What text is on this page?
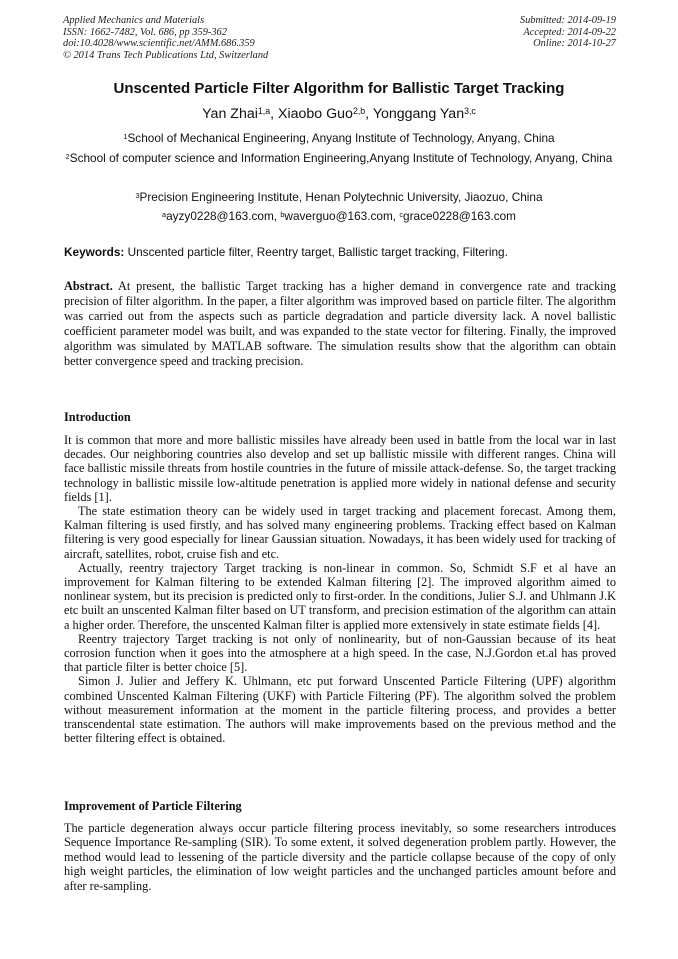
Applied Mechanics and Materials
ISSN: 1662-7482, Vol. 686, pp 359-362
doi:10.4028/www.scientific.net/AMM.686.359
© 2014 Trans Tech Publications Ltd, Switzerland
Submitted: 2014-09-19
Accepted: 2014-09-22
Online: 2014-10-27
Unscented Particle Filter Algorithm for Ballistic Target Tracking
Yan Zhai$^{1,a}$, Xiaobo Guo$^{2,b}$, Yonggang Yan$^{3,c}$
$^1$School of Mechanical Engineering, Anyang Institute of Technology, Anyang, China
$^2$School of computer science and Information Engineering,Anyang Institute of Technology, Anyang, China
$^3$Precision Engineering Institute, Henan Polytechnic University, Jiaozuo, China
$^a$ayzy0228@163.com, $^b$waverguo@163.com, $^c$grace0228@163.com
Keywords: Unscented particle filter, Reentry target, Ballistic target tracking, Filtering.

Abstract. At present, the ballistic Target tracking has a higher demand in convergence rate and tracking precision of filter algorithm. In the paper, a filter algorithm was improved based on particle filter. The algorithm was carried out from the aspects such as particle degradation and particle diversity lack. A novel ballistic coefficient parameter model was built, and was expanded to the state vector for filtering. Finally, the improved algorithm was simulated by MATLAB software. The simulation results show that the algorithm can obtain better convergence speed and tracking precision.

Introduction

It is common that more and more ballistic missiles have already been used in battle from the local war in last decades. Our neighboring countries also develop and set up ballistic missile with different ranges. China will face ballistic missile threats from hostile countries in the future of missile attack-defense. So, the target tracking technology in ballistic missile low-altitude penetration is applied more widely in national defense and security fields [1].

The state estimation theory can be widely used in target tracking and placement forecast. Among them, Kalman filtering is used firstly, and has solved many engineering problems. Tracking effect based on Kalman filtering is very good especially for linear Gaussian situation. Nowadays, it has been widely used for tracking of aircraft, satellites, robot, cruise fish and etc.

Actually, reentry trajectory Target tracking is non-linear in common. So, Schmidt S.F et al have an improvement for Kalman filtering to be extended Kalman filtering [2]. The improved algorithm aimed to nonlinear system, but its precision is predicted only to first-order. In the conditions, Julier S.J. and Uhlmann J.K etc built an unscented Kalman filter based on UT transform, and precision estimation of the algorithm can attain a higher order. Therefore, the unscented Kalman filter is applied more extensively in state estimate fields [4].

Reentry trajectory Target tracking is not only of nonlinearity, but of non-Gaussian because of its heat corrosion function when it goes into the atmosphere at a high speed. In the case, N.J.Gordon et.al has proved that particle filter is better choice [5].

Simon J. Julier and Jeffery K. Uhlmann, etc put forward Unscented Particle Filtering (UPF) algorithm combined Unscented Kalman Filtering (UKF) with Particle Filtering (PF). The algorithm solved the problem without measurement information at the moment in the particle filtering process, and provides a better transcendental state estimation. The authors will make improvements based on the previous method and the better filtering effect is obtained.

Improvement of Particle Filtering

The particle degeneration always occur particle filtering process inevitably, so some researchers introduces Sequence Importance Re-sampling (SIR). To some extent, it solved degeneration problem partly. However, the method would lead to lessening of the particle diversity and the particle collapse because of the copy of only high weight particles, the elimination of low weight particles and the unchanged particles amount before and after re-sampling.
